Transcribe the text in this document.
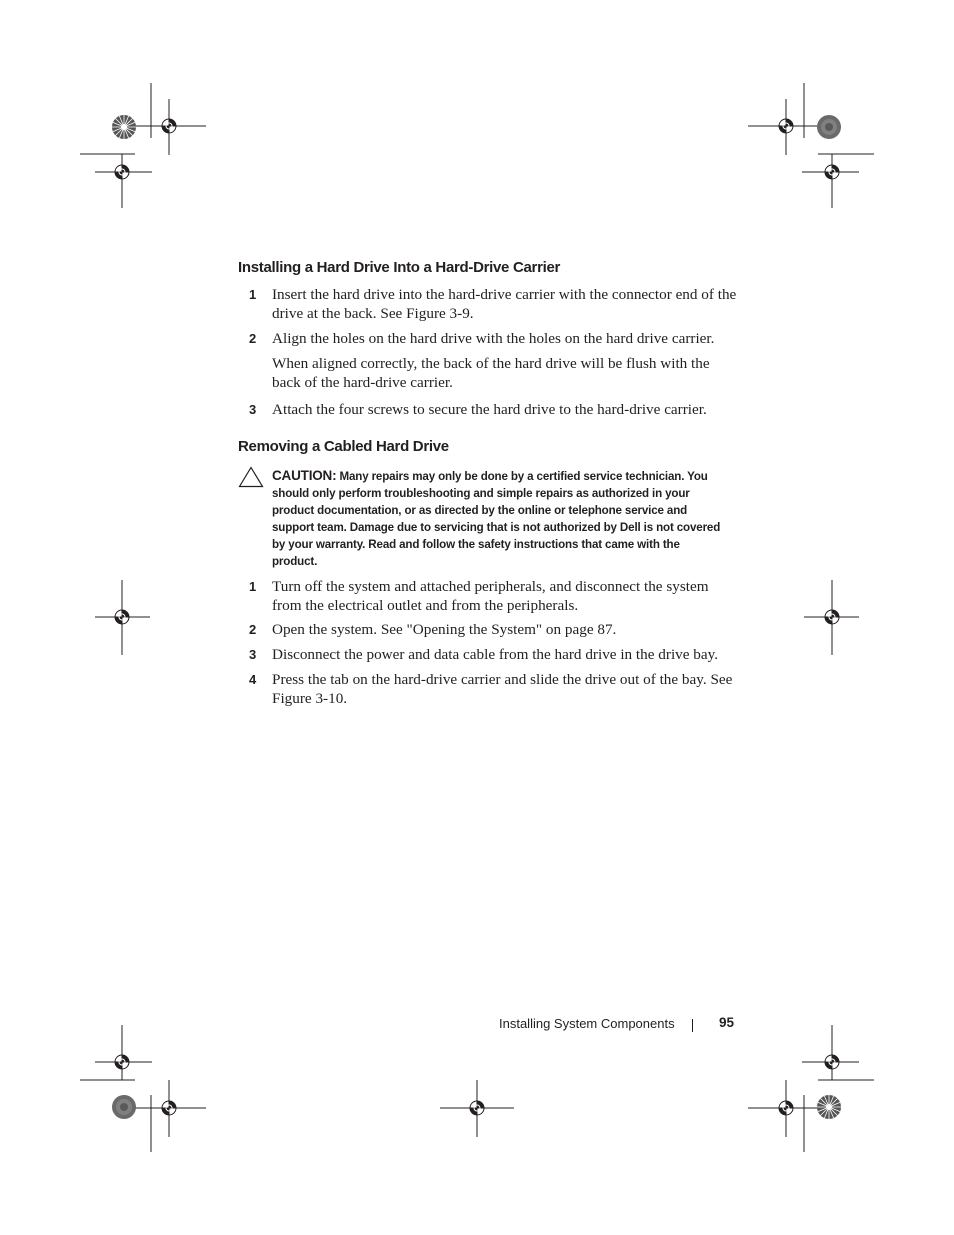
Installing a Hard Drive Into a Hard-Drive Carrier
1 Insert the hard drive into the hard-drive carrier with the connector end of the drive at the back. See Figure 3-9.
2 Align the holes on the hard drive with the holes on the hard drive carrier.
When aligned correctly, the back of the hard drive will be flush with the back of the hard-drive carrier.
3 Attach the four screws to secure the hard drive to the hard-drive carrier.
Removing a Cabled Hard Drive
CAUTION: Many repairs may only be done by a certified service technician. You should only perform troubleshooting and simple repairs as authorized in your product documentation, or as directed by the online or telephone service and support team. Damage due to servicing that is not authorized by Dell is not covered by your warranty. Read and follow the safety instructions that came with the product.
1 Turn off the system and attached peripherals, and disconnect the system from the electrical outlet and from the peripherals.
2 Open the system. See "Opening the System" on page 87.
3 Disconnect the power and data cable from the hard drive in the drive bay.
4 Press the tab on the hard-drive carrier and slide the drive out of the bay. See Figure 3-10.
Installing System Components	95
